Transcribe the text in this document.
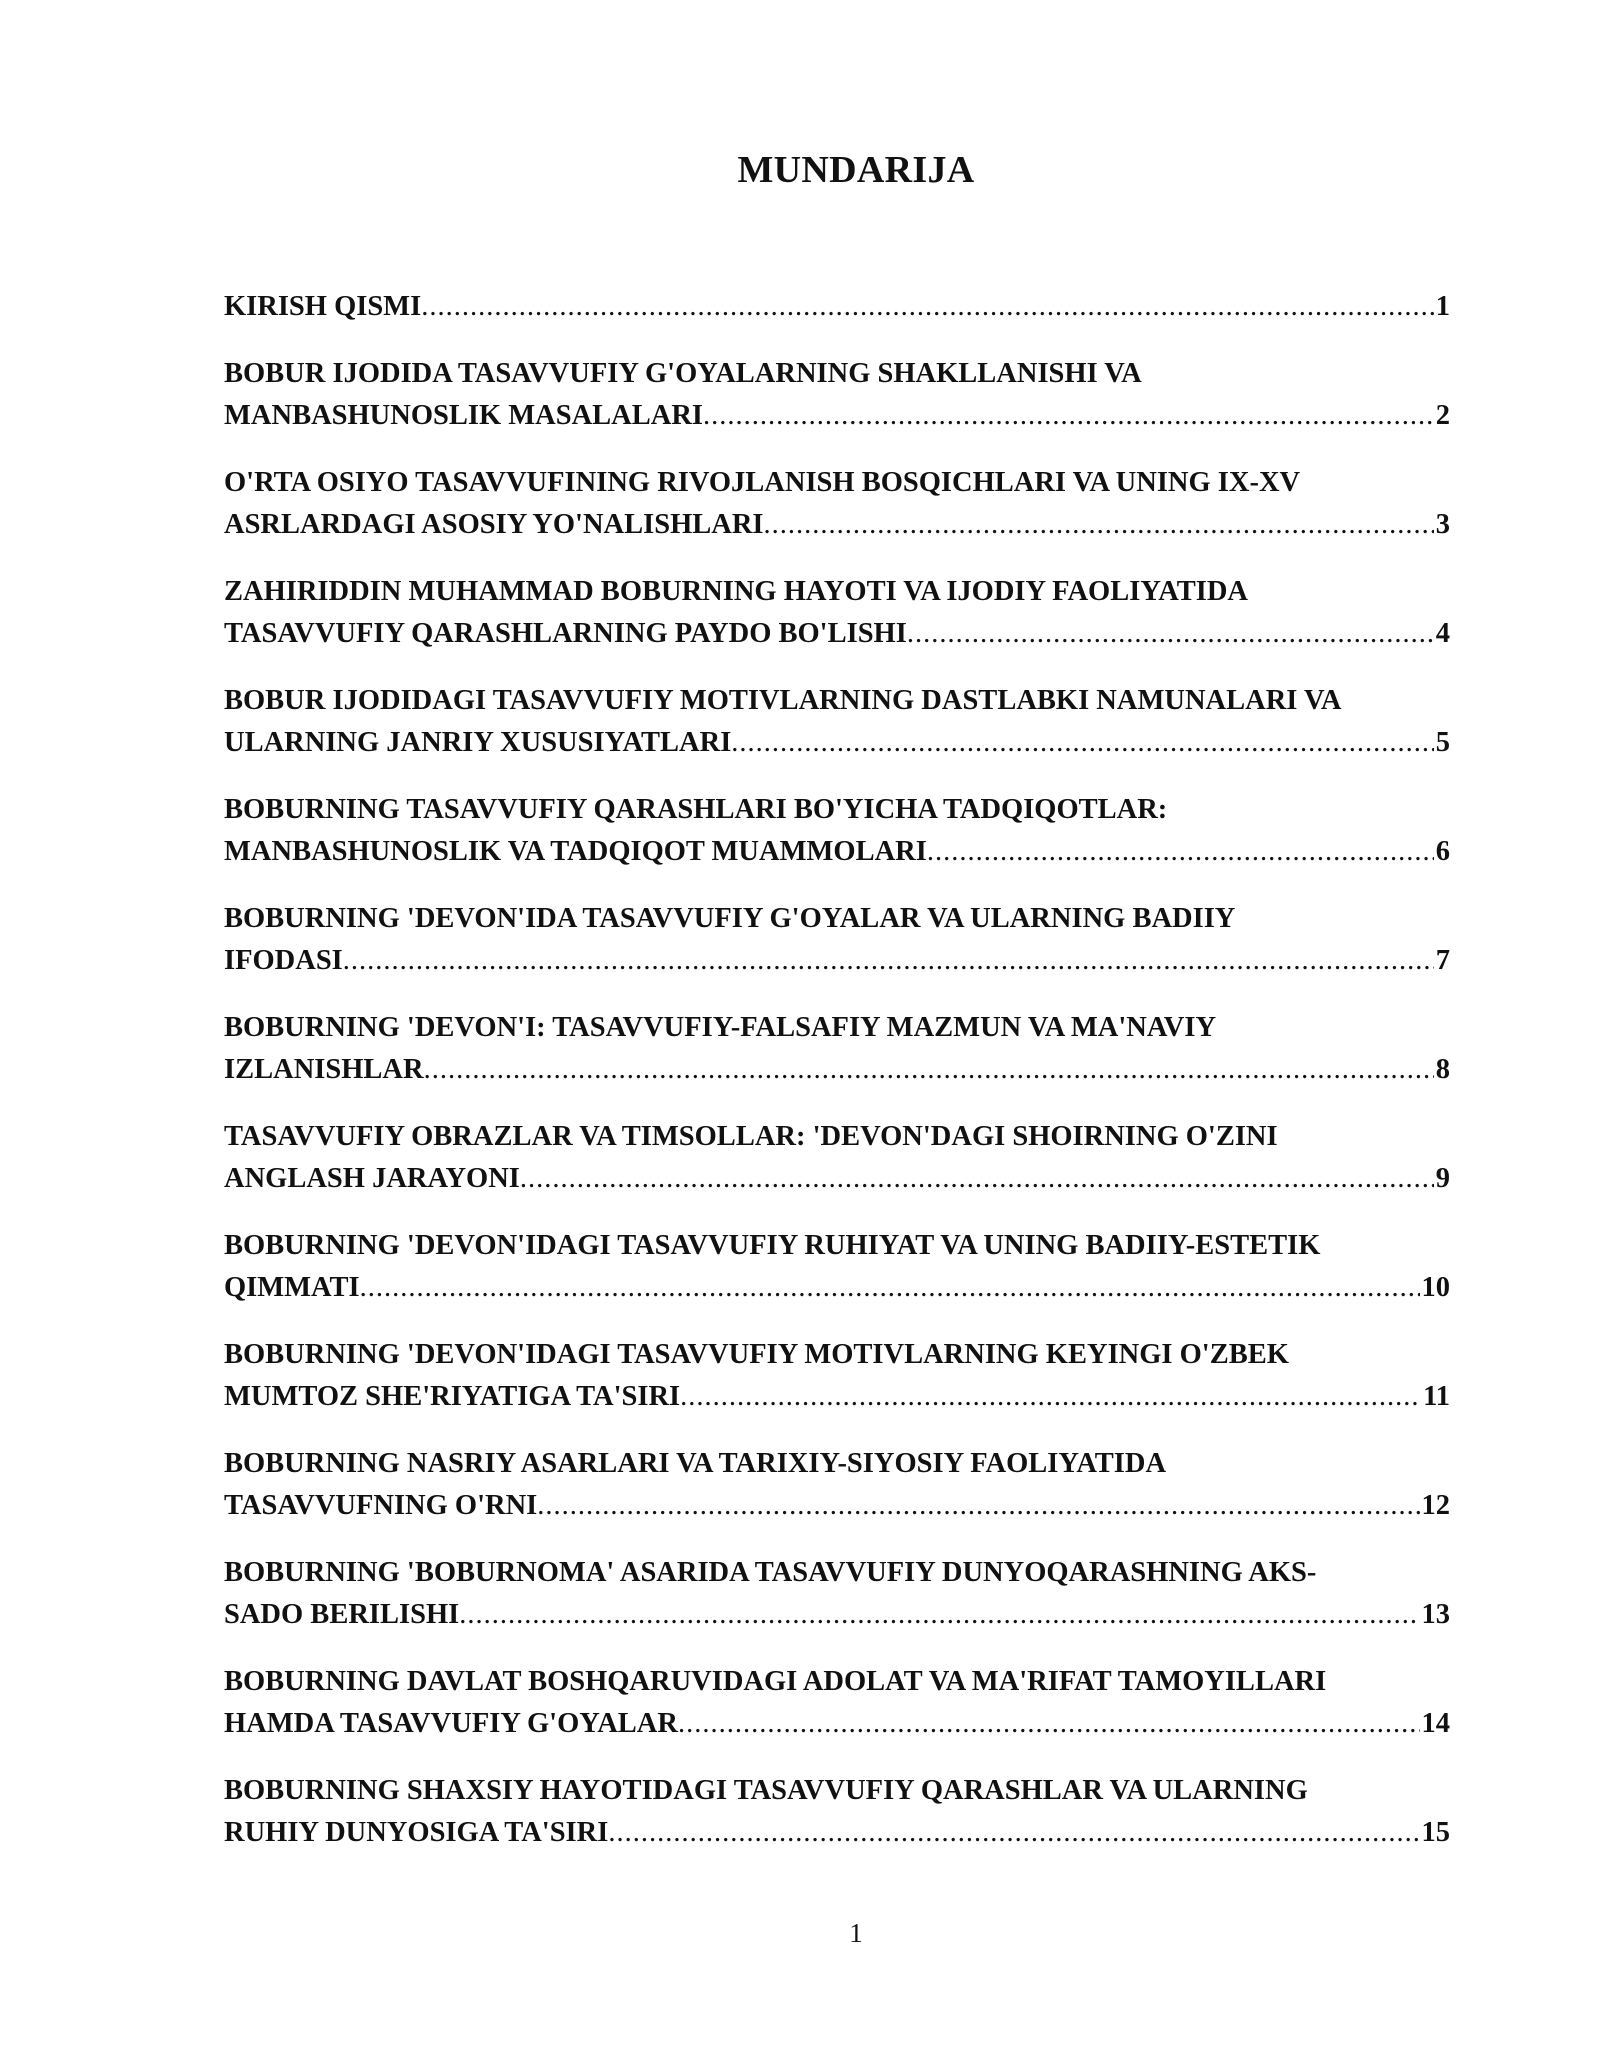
MUNDARIJA
KIRISH QISMI .....	1
BOBUR IJODIDA TASAVVUFIY G'OYALARNING SHAKLLANISHI VA
MANBASHUNOSLIK MASALALARI .....	2
O'RTA OSIYO TASAVVUFINING RIVOJLANISH BOSQICHLARI VA UNING IX-XV
ASRLARDAGI ASOSIY YO'NALISHLARI .....	3
ZAHIRIDDIN MUHAMMAD BOBURNING HAYOTI VA IJODIY FAOLIYATIDA
TASAVVUFIY QARASHLARNING PAYDO BO'LISHI .....	4
BOBUR IJODIDAGI TASAVVUFIY MOTIVLARNING DASTLABKI NAMUNALARI VA
ULARNING JANRIY XUSUSIYATLARI .....	5
BOBURNING TASAVVUFIY QARASHLARI BO'YICHA TADQIQOTLAR:
MANBASHUNOSLIK VA TADQIQOT MUAMMOLARI .....	6
BOBURNING 'DEVON'IDA TASAVVUFIY G'OYALAR VA ULARNING BADIIY
IFODASI .....	7
BOBURNING 'DEVON'I: TASAVVUFIY-FALSAFIY MAZMUN VA MA'NAVIY
IZLANISHLAR .....	8
TASAVVUFIY OBRAZLAR VA TIMSOLLAR: 'DEVON'DAGI SHOIRNING O'ZINI
ANGLASH JARAYONI .....	9
BOBURNING 'DEVON'IDAGI TASAVVUFIY RUHIYAT VA UNING BADIIY-ESTETIK
QIMMATI .....	10
BOBURNING 'DEVON'IDAGI TASAVVUFIY MOTIVLARNING KEYINGI O'ZBEK
MUMTOZ SHE'RIYATIGA TA'SIRI .....	11
BOBURNING NASRIY ASARLARI VA TARIXIY-SIYOSIY FAOLIYATIDA
TASAVVUFNING O'RNI .....	12
BOBURNING 'BOBURNOMA' ASARIDA TASAVVUFIY DUNYOQARASHNING AKS-
SADO BERILISHI .....	13
BOBURNING DAVLAT BOSHQARUVIDAGI ADOLAT VA MA'RIFAT TAMOYILLARI
HAMDA TASAVVUFIY G'OYALAR .....	14
BOBURNING SHAXSIY HAYOTIDAGI TASAVVUFIY QARASHLAR VA ULARNING
RUHIY DUNYOSIGA TA'SIRI .....	15

1
